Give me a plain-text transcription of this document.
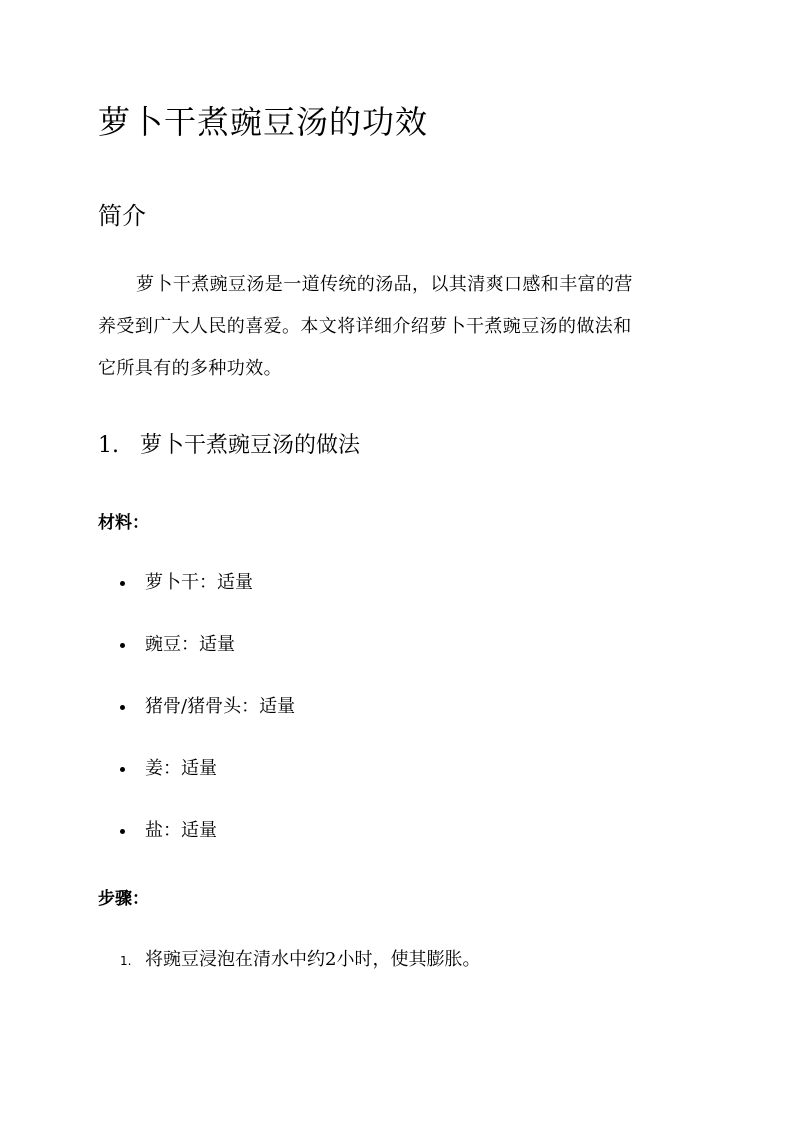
萝卜干煮豌豆汤的功效
简介

萝卜干煮豌豆汤是一道传统的汤品，以其清爽口感和丰富的营
养受到广大人民的喜爱。本文将详细介绍萝卜干煮豌豆汤的做法和
它所具有的多种功效。

1. 萝卜干煮豌豆汤的做法
材料：
萝卜干：适量
豌豆：适量
猪骨/猪骨头：适量
姜：适量
盐：适量
步骤：
1. 将豌豆浸泡在清水中约2小时，使其膨胀。
